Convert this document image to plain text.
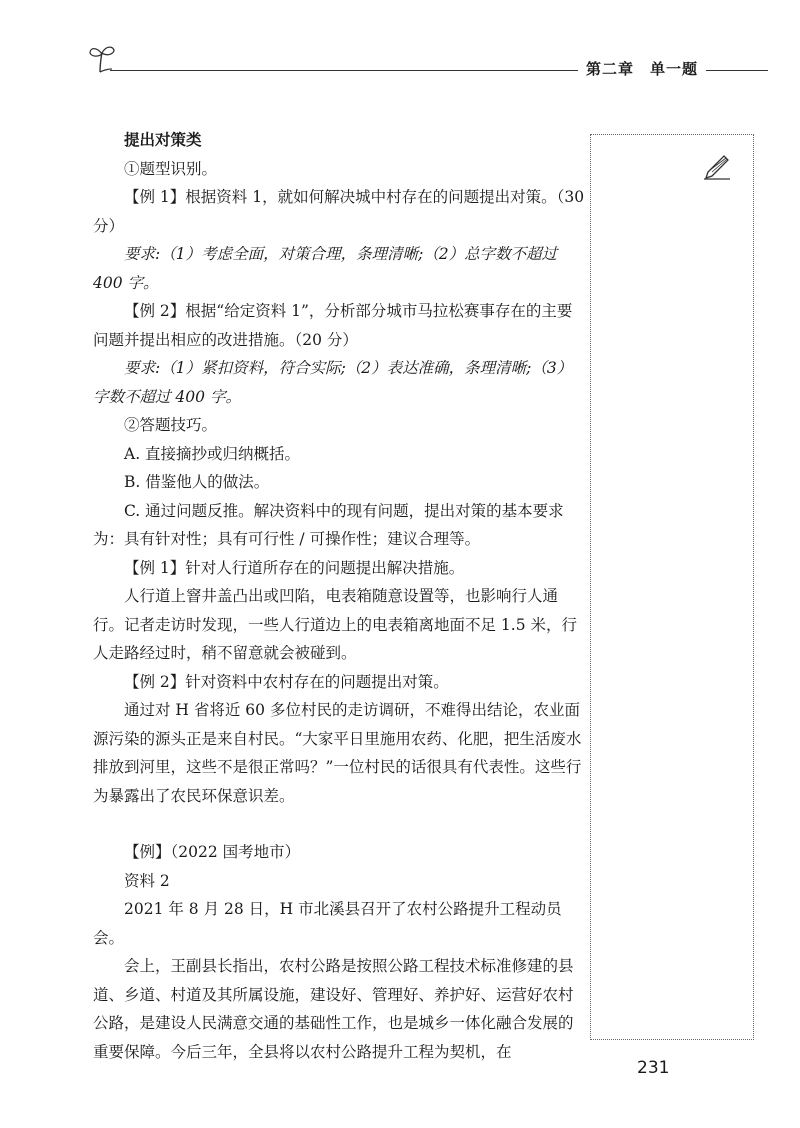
第二章　单一题

提出对策类

①题型识别。

【例 1】根据资料 1，就如何解决城中村存在的问题提出对策。（30 分）

要求:（1）考虑全面，对策合理，条理清晰;（2）总字数不超过 400 字。

【例 2】根据“给定资料 1”，分析部分城市马拉松赛事存在的主要问题并提出相应的改进措施。（20 分）

要求:（1）紧扣资料，符合实际;（2）表达准确，条理清晰;（3）字数不超过 400 字。

②答题技巧。

A. 直接摘抄或归纳概括。

B. 借鉴他人的做法。

C. 通过问题反推。解决资料中的现有问题，提出对策的基本要求为：具有针对性；具有可行性 / 可操作性；建议合理等。

【例 1】针对人行道所存在的问题提出解决措施。

人行道上窨井盖凸出或凹陷，电表箱随意设置等，也影响行人通行。记者走访时发现，一些人行道边上的电表箱离地面不足 1.5 米，行人走路经过时，稍不留意就会被碰到。

【例 2】针对资料中农村存在的问题提出对策。

通过对 H 省将近 60 多位村民的走访调研，不难得出结论，农业面源污染的源头正是来自村民。“大家平日里施用农药、化肥，把生活废水排放到河里，这些不是很正常吗？”一位村民的话很具有代表性。这些行为暴露出了农民环保意识差。

【例】（2022 国考地市）

资料 2

2021 年 8 月 28 日，H 市北溪县召开了农村公路提升工程动员会。

会上，王副县长指出，农村公路是按照公路工程技术标准修建的县道、乡道、村道及其所属设施，建设好、管理好、养护好、运营好农村公路，是建设人民满意交通的基础性工作，也是城乡一体化融合发展的重要保障。今后三年，全县将以农村公路提升工程为契机，在

231
